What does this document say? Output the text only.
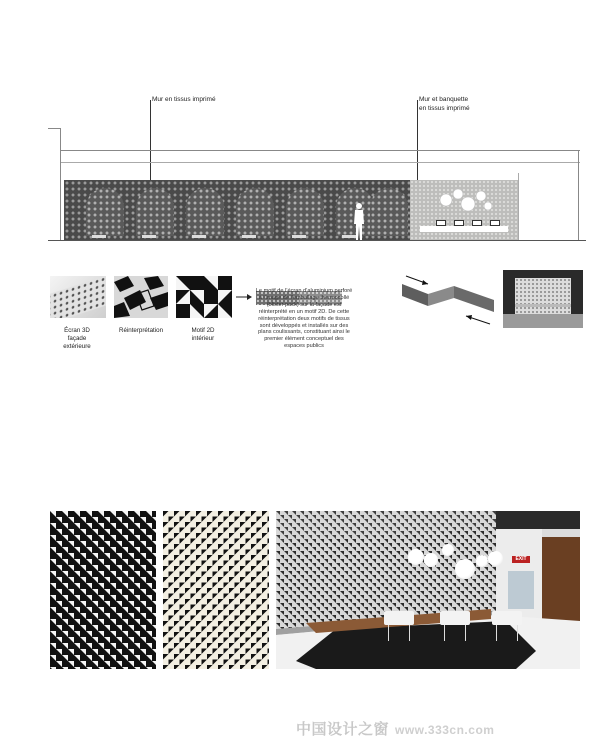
Mur en tissus imprimé	Mur et banquette
en tissus imprimé
Écran 3D
façade
extérieure
Réinterprétation	Motif 2D
intérieur
Le motif de l’écran d’aluminium perforé à l’image de l’emballage thermocollé (blister pack) sur la façade est réinterprété en un motif 2D. De cette réinterprétation deux motifs de tissus sont développés et installés sur des plans coulissants, constituant ainsi le premier élément conceptuel des espaces publics
EXIT
中国设计之窗 www.333cn.com
